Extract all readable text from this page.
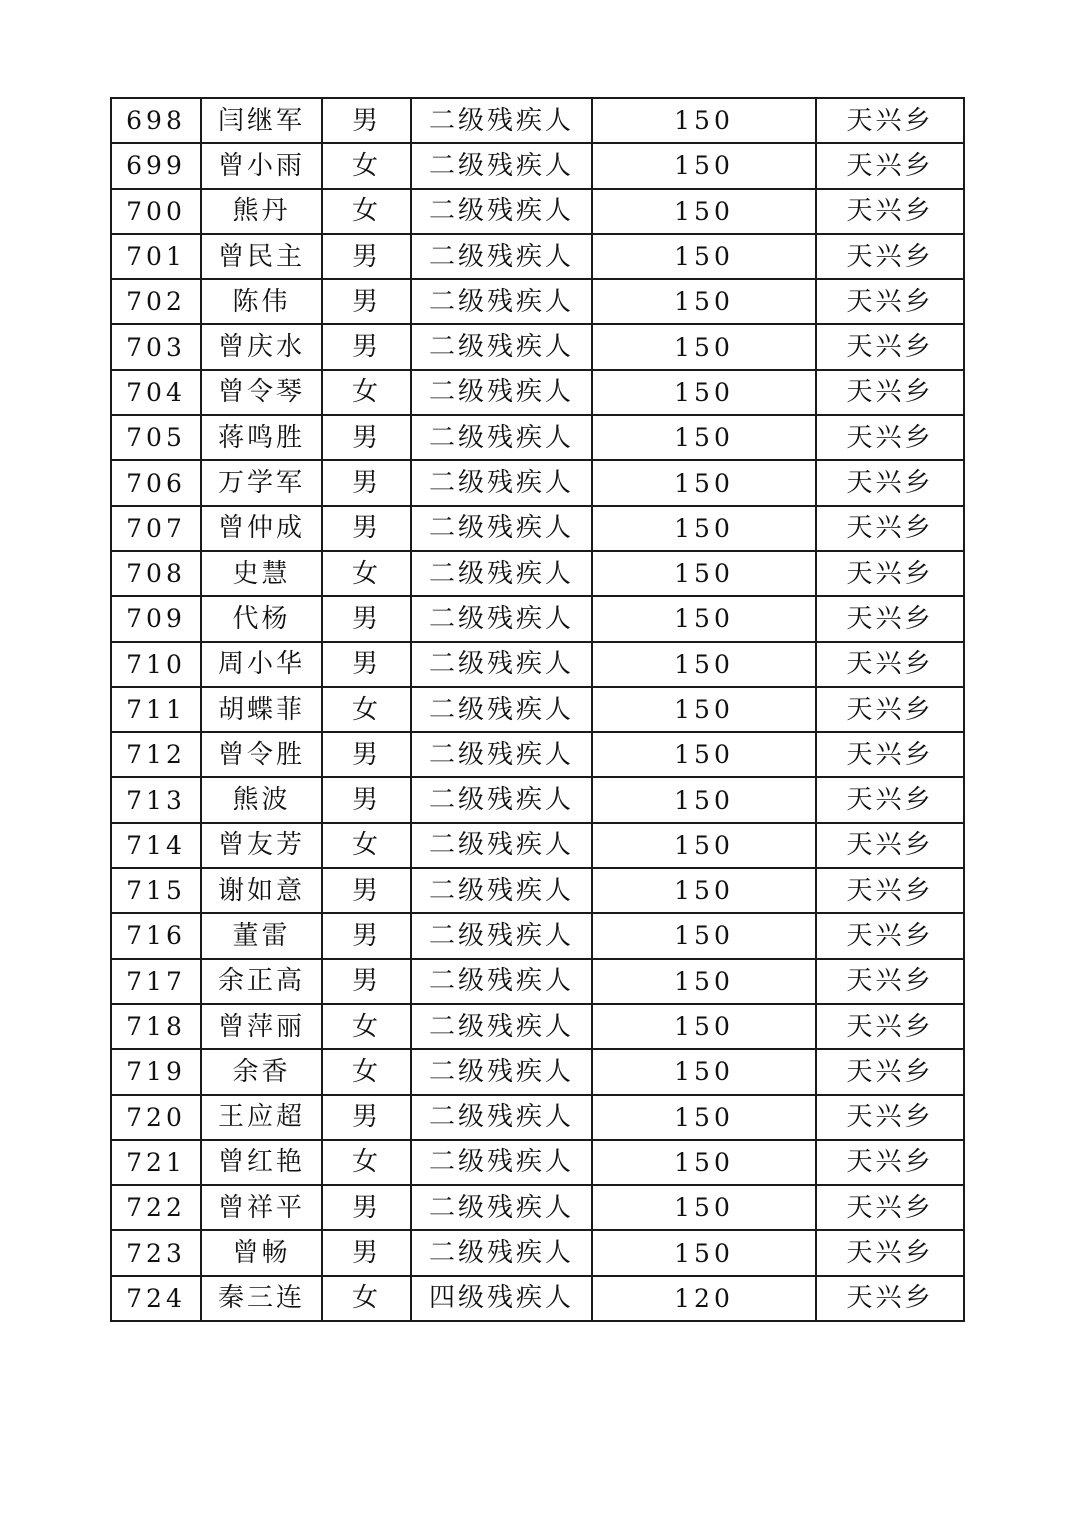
698	闫继军	男	二级残疾人	150	天兴乡
699	曾小雨	女	二级残疾人	150	天兴乡
700	熊丹	女	二级残疾人	150	天兴乡
701	曾民主	男	二级残疾人	150	天兴乡
702	陈伟	男	二级残疾人	150	天兴乡
703	曾庆水	男	二级残疾人	150	天兴乡
704	曾令琴	女	二级残疾人	150	天兴乡
705	蒋鸣胜	男	二级残疾人	150	天兴乡
706	万学军	男	二级残疾人	150	天兴乡
707	曾仲成	男	二级残疾人	150	天兴乡
708	史慧	女	二级残疾人	150	天兴乡
709	代杨	男	二级残疾人	150	天兴乡
710	周小华	男	二级残疾人	150	天兴乡
711	胡蝶菲	女	二级残疾人	150	天兴乡
712	曾令胜	男	二级残疾人	150	天兴乡
713	熊波	男	二级残疾人	150	天兴乡
714	曾友芳	女	二级残疾人	150	天兴乡
715	谢如意	男	二级残疾人	150	天兴乡
716	董雷	男	二级残疾人	150	天兴乡
717	余正高	男	二级残疾人	150	天兴乡
718	曾萍丽	女	二级残疾人	150	天兴乡
719	余香	女	二级残疾人	150	天兴乡
720	王应超	男	二级残疾人	150	天兴乡
721	曾红艳	女	二级残疾人	150	天兴乡
722	曾祥平	男	二级残疾人	150	天兴乡
723	曾畅	男	二级残疾人	150	天兴乡
724	秦三连	女	四级残疾人	120	天兴乡
